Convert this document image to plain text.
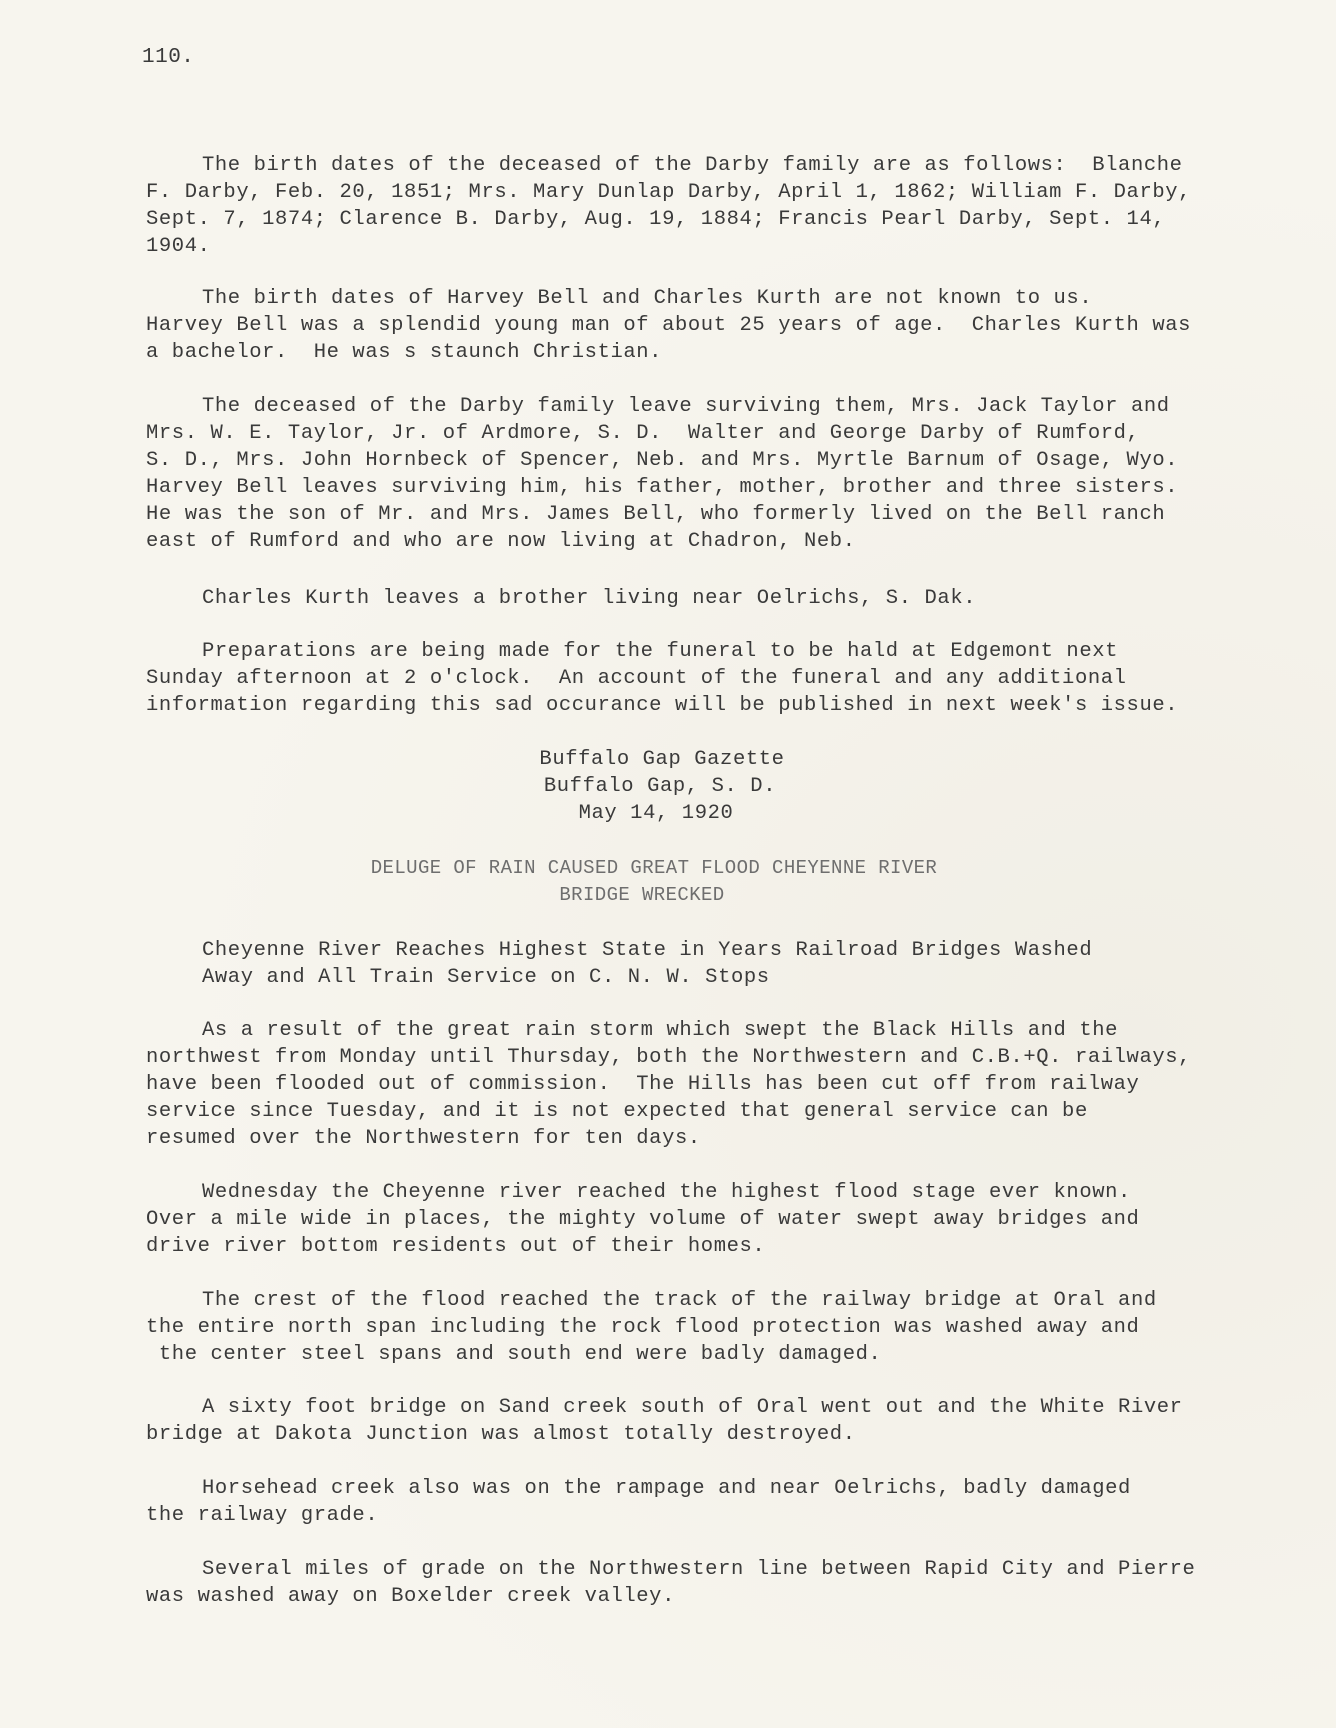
110.
The birth dates of the deceased of the Darby family are as follows:  Blanche
F. Darby, Feb. 20, 1851; Mrs. Mary Dunlap Darby, April 1, 1862; William F. Darby,
Sept. 7, 1874; Clarence B. Darby, Aug. 19, 1884; Francis Pearl Darby, Sept. 14,
1904.
The birth dates of Harvey Bell and Charles Kurth are not known to us.
Harvey Bell was a splendid young man of about 25 years of age.  Charles Kurth was
a bachelor.  He was s staunch Christian.
The deceased of the Darby family leave surviving them, Mrs. Jack Taylor and
Mrs. W. E. Taylor, Jr. of Ardmore, S. D.  Walter and George Darby of Rumford,
S. D., Mrs. John Hornbeck of Spencer, Neb. and Mrs. Myrtle Barnum of Osage, Wyo.
Harvey Bell leaves surviving him, his father, mother, brother and three sisters.
He was the son of Mr. and Mrs. James Bell, who formerly lived on the Bell ranch
east of Rumford and who are now living at Chadron, Neb.
Charles Kurth leaves a brother living near Oelrichs, S. Dak.
Preparations are being made for the funeral to be hald at Edgemont next
Sunday afternoon at 2 o'clock.  An account of the funeral and any additional
information regarding this sad occurance will be published in next week's issue.
Buffalo Gap Gazette
Buffalo Gap, S. D.
May 14, 1920
DELUGE OF RAIN CAUSED GREAT FLOOD CHEYENNE RIVER
BRIDGE WRECKED
Cheyenne River Reaches Highest State in Years Railroad Bridges Washed
Away and All Train Service on C. N. W. Stops
As a result of the great rain storm which swept the Black Hills and the
northwest from Monday until Thursday, both the Northwestern and C.B.+Q. railways,
have been flooded out of commission.  The Hills has been cut off from railway
service since Tuesday, and it is not expected that general service can be
resumed over the Northwestern for ten days.
Wednesday the Cheyenne river reached the highest flood stage ever known.
Over a mile wide in places, the mighty volume of water swept away bridges and
drive river bottom residents out of their homes.
The crest of the flood reached the track of the railway bridge at Oral and
the entire north span including the rock flood protection was washed away and
the center steel spans and south end were badly damaged.
A sixty foot bridge on Sand creek south of Oral went out and the White River
bridge at Dakota Junction was almost totally destroyed.
Horsehead creek also was on the rampage and near Oelrichs, badly damaged
the railway grade.
Several miles of grade on the Northwestern line between Rapid City and Pierre
was washed away on Boxelder creek valley.
